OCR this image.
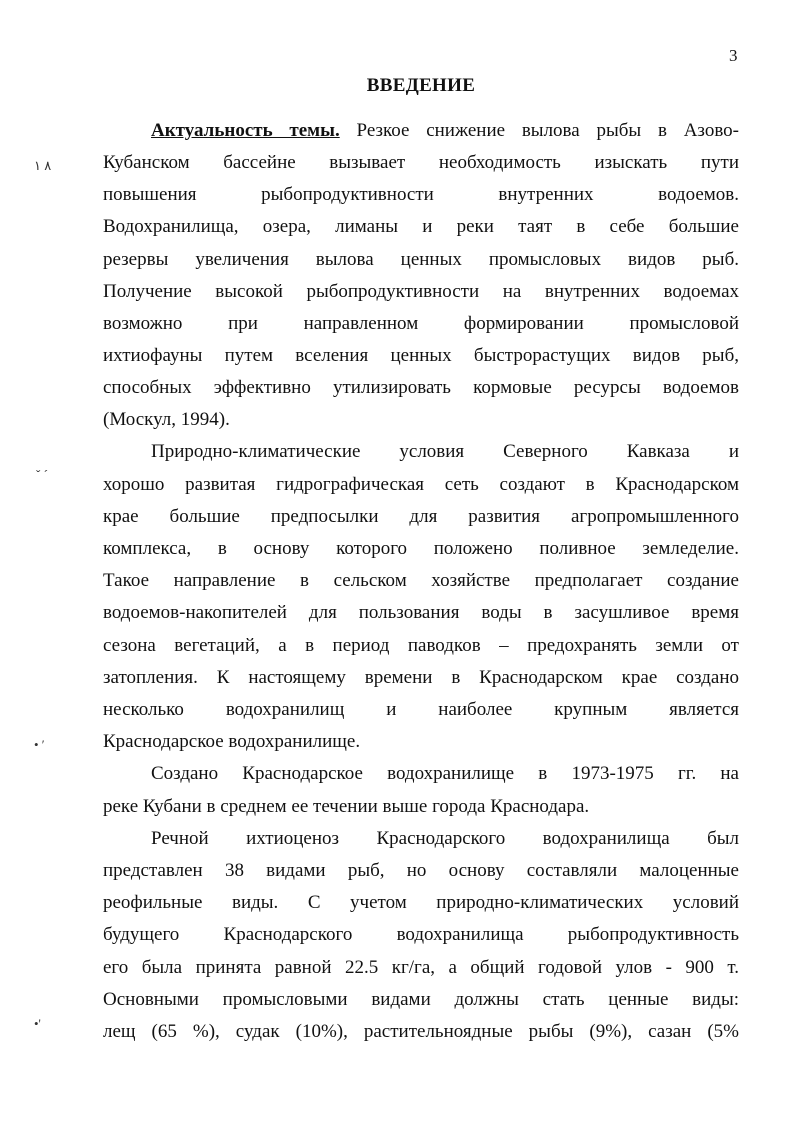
3
ВВЕДЕНИЕ
٨ ١
ˇ ´
• ʹ
•'
Актуальность темы. Резкое снижение вылова рыбы в Азово-
Кубанском бассейне вызывает необходимость изыскать пути
повышения рыбопродуктивности внутренних водоемов.
Водохранилища, озера, лиманы и реки таят в себе большие
резервы увеличения вылова ценных промысловых видов рыб.
Получение высокой рыбопродуктивности на внутренних водоемах
возможно при направленном формировании промысловой
ихтиофауны путем вселения ценных быстрорастущих видов рыб,
способных эффективно утилизировать кормовые ресурсы водоемов
(Москул, 1994).
Природно-климатические условия Северного Кавказа и
хорошо развитая гидрографическая сеть создают в Краснодарском
крае большие предпосылки для развития агропромышленного
комплекса, в основу которого положено поливное земледелие.
Такое направление в сельском хозяйстве предполагает создание
водоемов-накопителей для пользования воды в засушливое время
сезона вегетаций, а в период паводков – предохранять земли от
затопления. К настоящему времени в Краснодарском крае создано
несколько водохранилищ и наиболее крупным является
Краснодарское водохранилище.
Создано Краснодарское водохранилище в 1973-1975 гг. на
реке Кубани в среднем ее течении выше города Краснодара.
Речной ихтиоценоз Краснодарского водохранилища был
представлен 38 видами рыб, но основу составляли малоценные
реофильные виды. С учетом природно-климатических условий
будущего Краснодарского водохранилища рыбопродуктивность
его была принята равной 22.5 кг/га, а общий годовой улов - 900 т.
Основными промысловыми видами должны стать ценные виды:
лещ (65 %), судак (10%), растительноядные рыбы (9%), сазан (5%
